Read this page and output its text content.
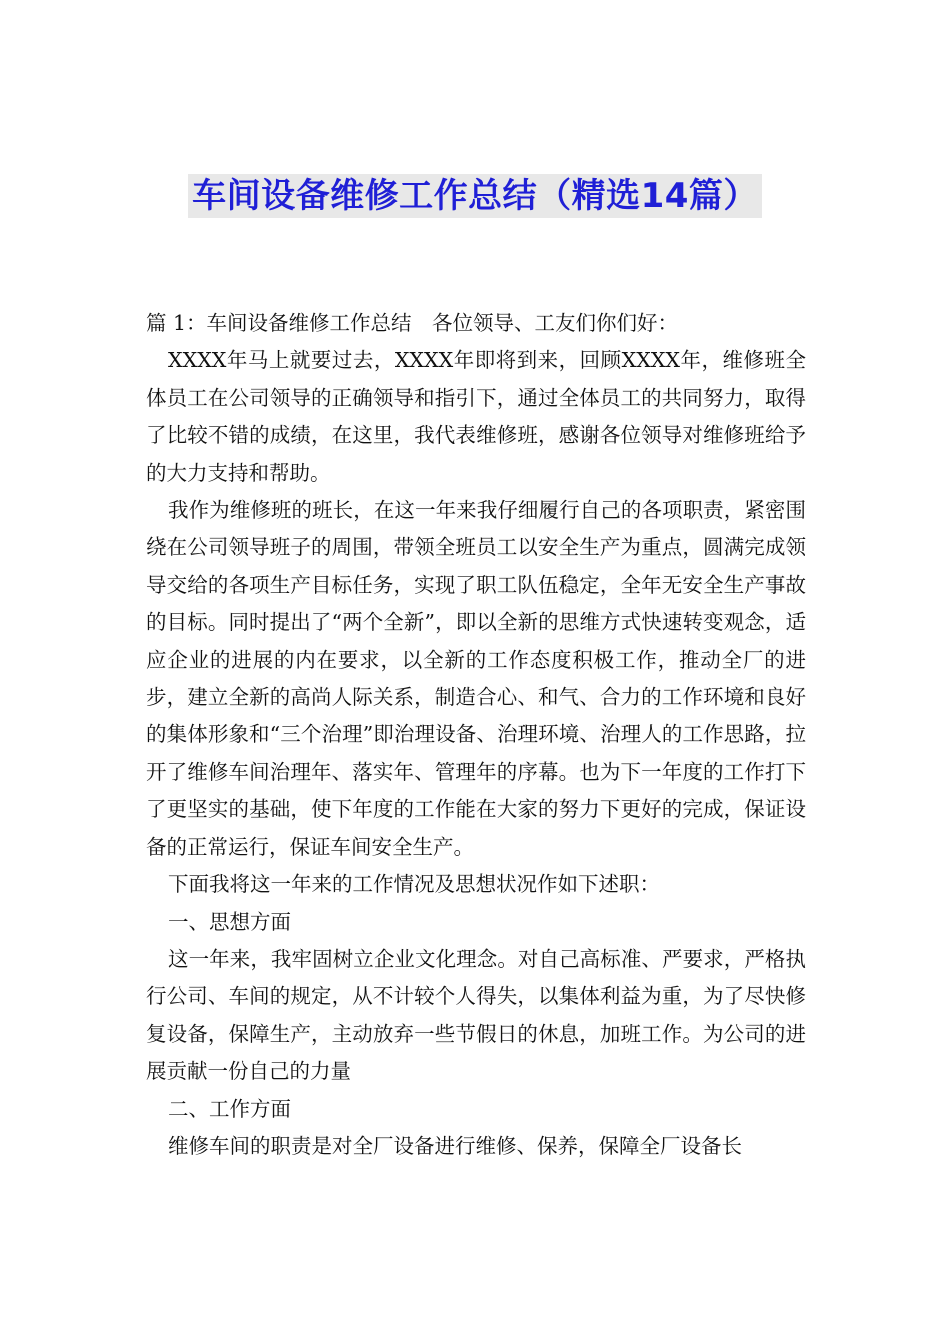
车间设备维修工作总结（精选14篇）

篇 1：车间设备维修工作总结　各位领导、工友们你们好：

XXXX年马上就要过去，XXXX年即将到来，回顾XXXX年，维修班全体员工在公司领导的正确领导和指引下，通过全体员工的共同努力，取得了比较不错的成绩，在这里，我代表维修班，感谢各位领导对维修班给予的大力支持和帮助。

我作为维修班的班长，在这一年来我仔细履行自己的各项职责，紧密围绕在公司领导班子的周围，带领全班员工以安全生产为重点，圆满完成领导交给的各项生产目标任务，实现了职工队伍稳定，全年无安全生产事故的目标。同时提出了“两个全新”，即以全新的思维方式快速转变观念，适应企业的进展的内在要求，以全新的工作态度积极工作，推动全厂的进步，建立全新的高尚人际关系，制造合心、和气、合力的工作环境和良好的集体形象和“三个治理”即治理设备、治理环境、治理人的工作思路，拉开了维修车间治理年、落实年、管理年的序幕。也为下一年度的工作打下了更坚实的基础，使下年度的工作能在大家的努力下更好的完成，保证设备的正常运行，保证车间安全生产。

下面我将这一年来的工作情况及思想状况作如下述职：

一、思想方面

这一年来，我牢固树立企业文化理念。对自己高标准、严要求，严格执行公司、车间的规定，从不计较个人得失，以集体利益为重，为了尽快修复设备，保障生产，主动放弃一些节假日的休息，加班工作。为公司的进展贡献一份自己的力量

二、工作方面

维修车间的职责是对全厂设备进行维修、保养，保障全厂设备长
